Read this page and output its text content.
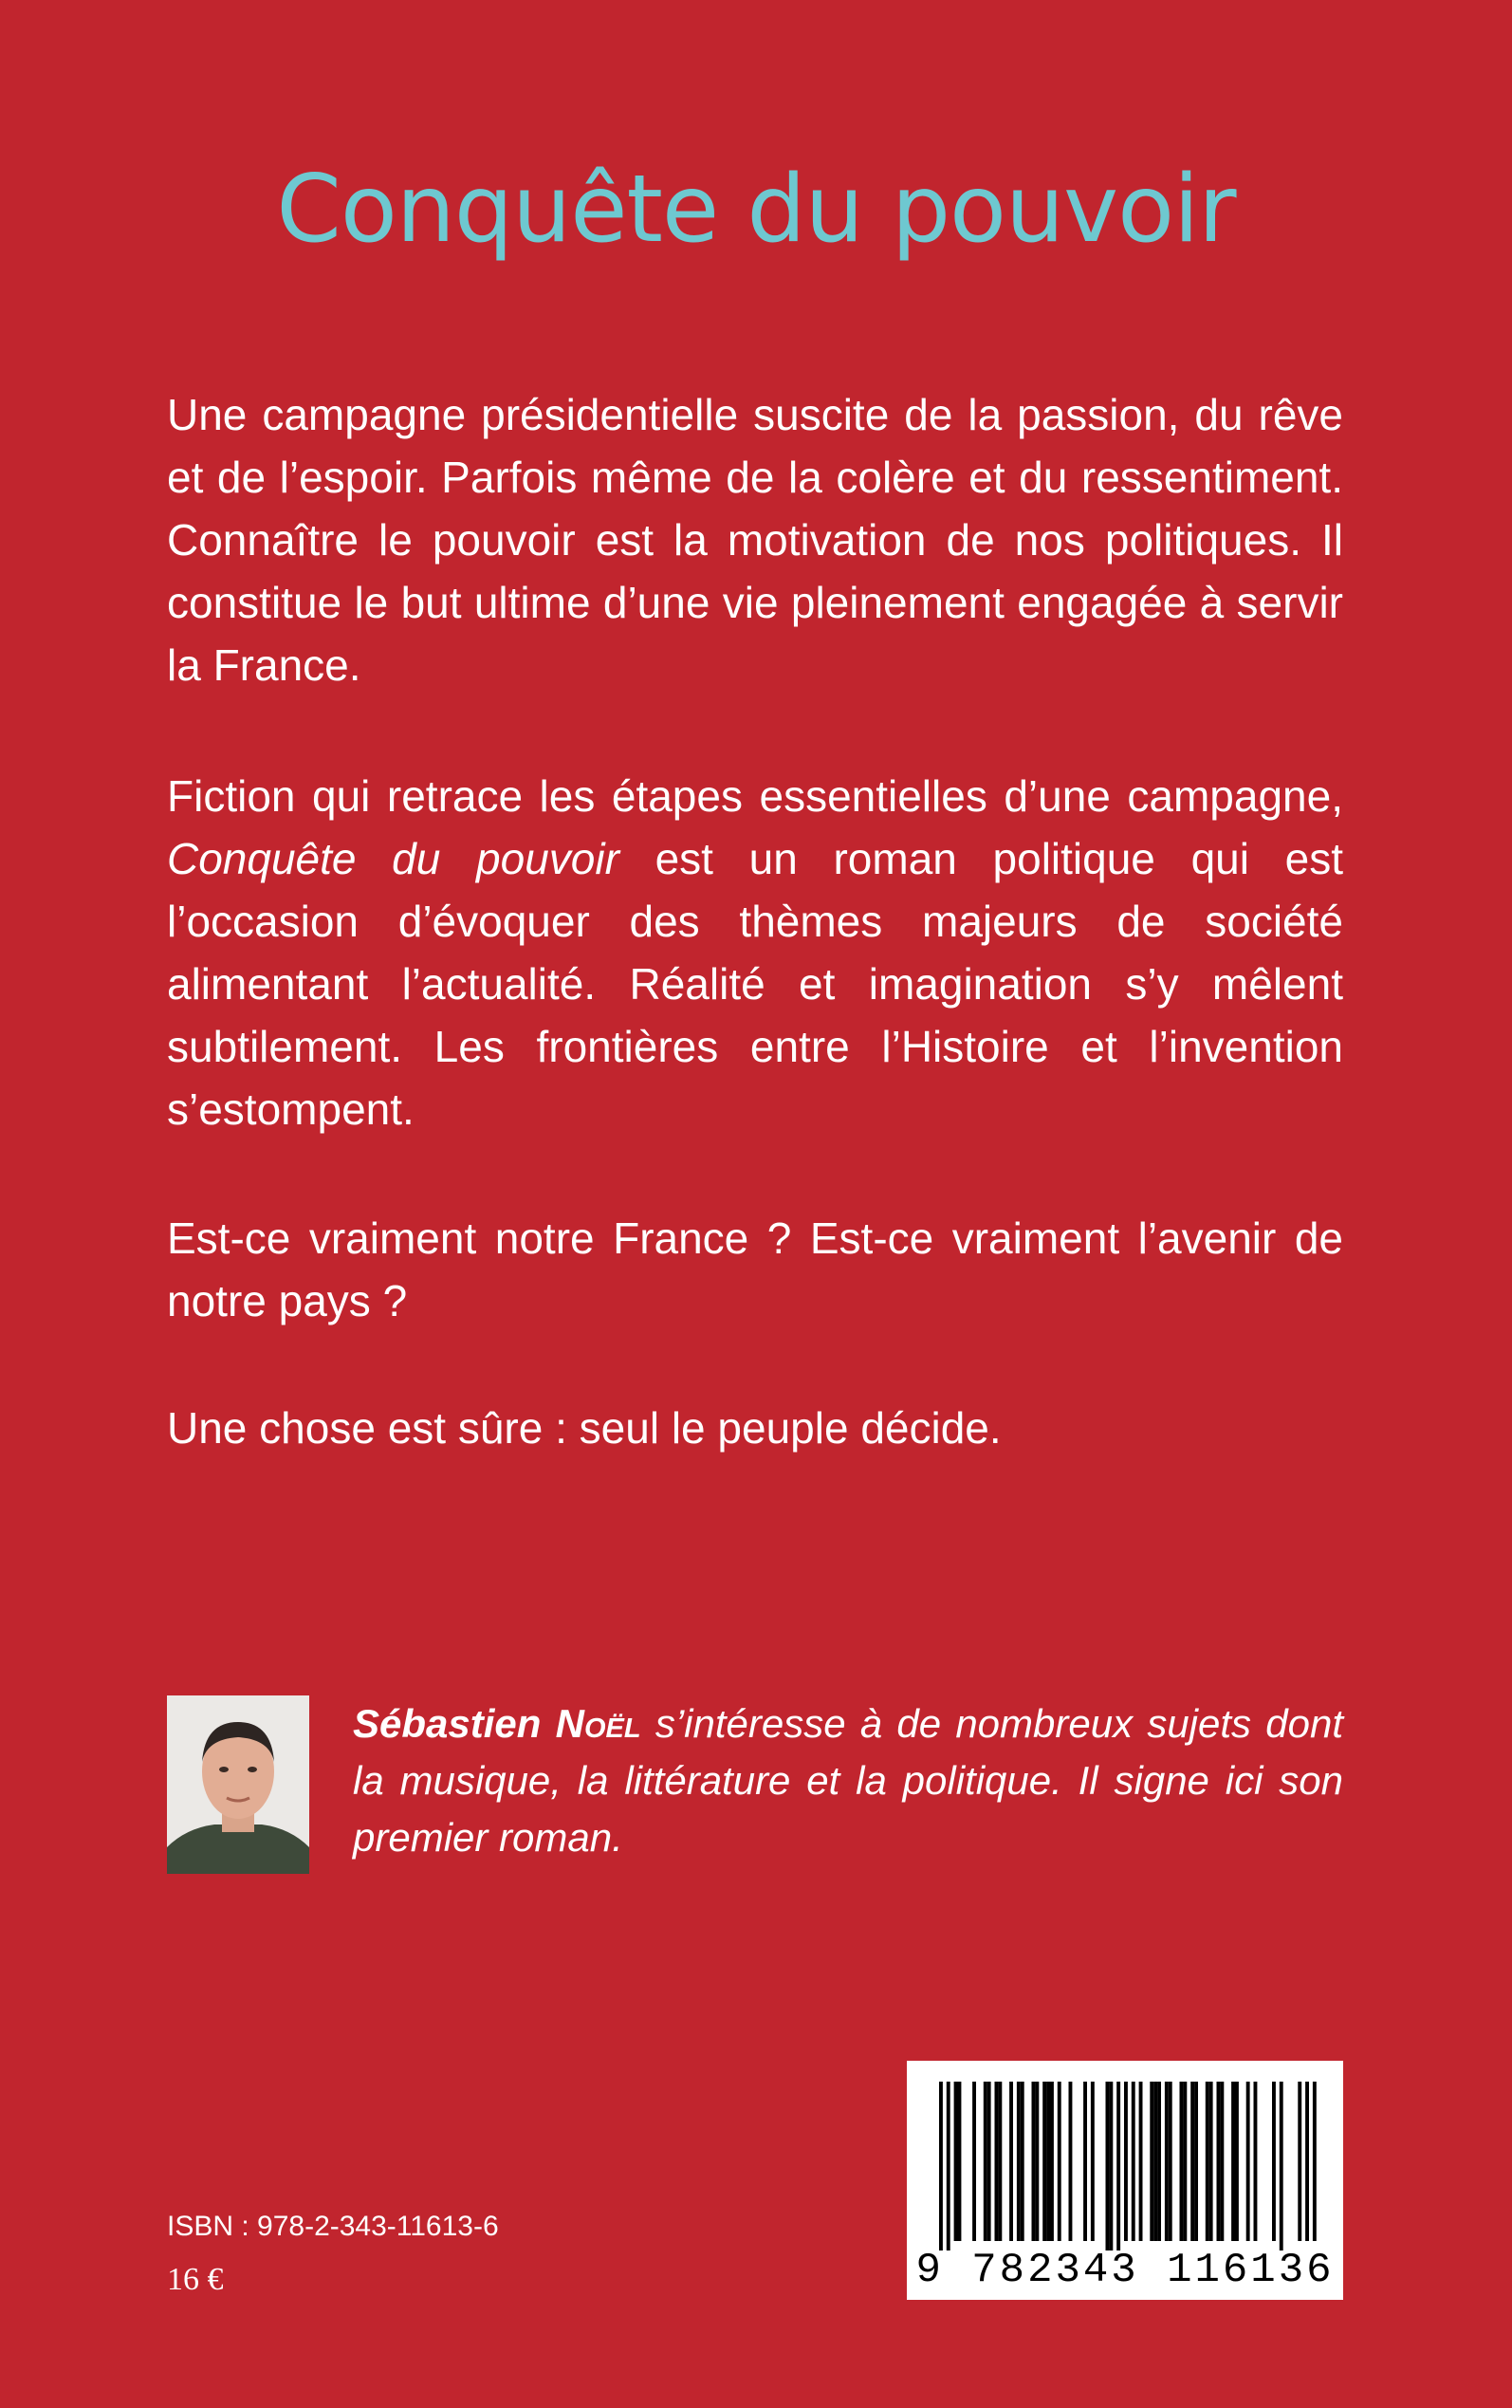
Conquête du pouvoir

Une campagne présidentielle suscite de la passion, du rêve et de l’espoir. Parfois même de la colère et du ressentiment. Connaître le pouvoir est la motivation de nos politiques. Il constitue le but ultime d’une vie pleinement engagée à servir la France.

Fiction qui retrace les étapes essentielles d’une campagne, Conquête du pouvoir est un roman politique qui est l’occasion d’évoquer des thèmes majeurs de société alimentant l’actualité. Réalité et imagination s’y mêlent subtilement. Les frontières entre l’Histoire et l’invention s’estompent.

Est-ce vraiment notre France ? Est-ce vraiment l’avenir de notre pays ?

Une chose est sûre : seul le peuple décide.

Sébastien Noël s’intéresse à de nombreux sujets dont la musique, la littérature et la politique. Il signe ici son premier roman.

ISBN : 978-2-343-11613-6
16 €	9 782343 116136
